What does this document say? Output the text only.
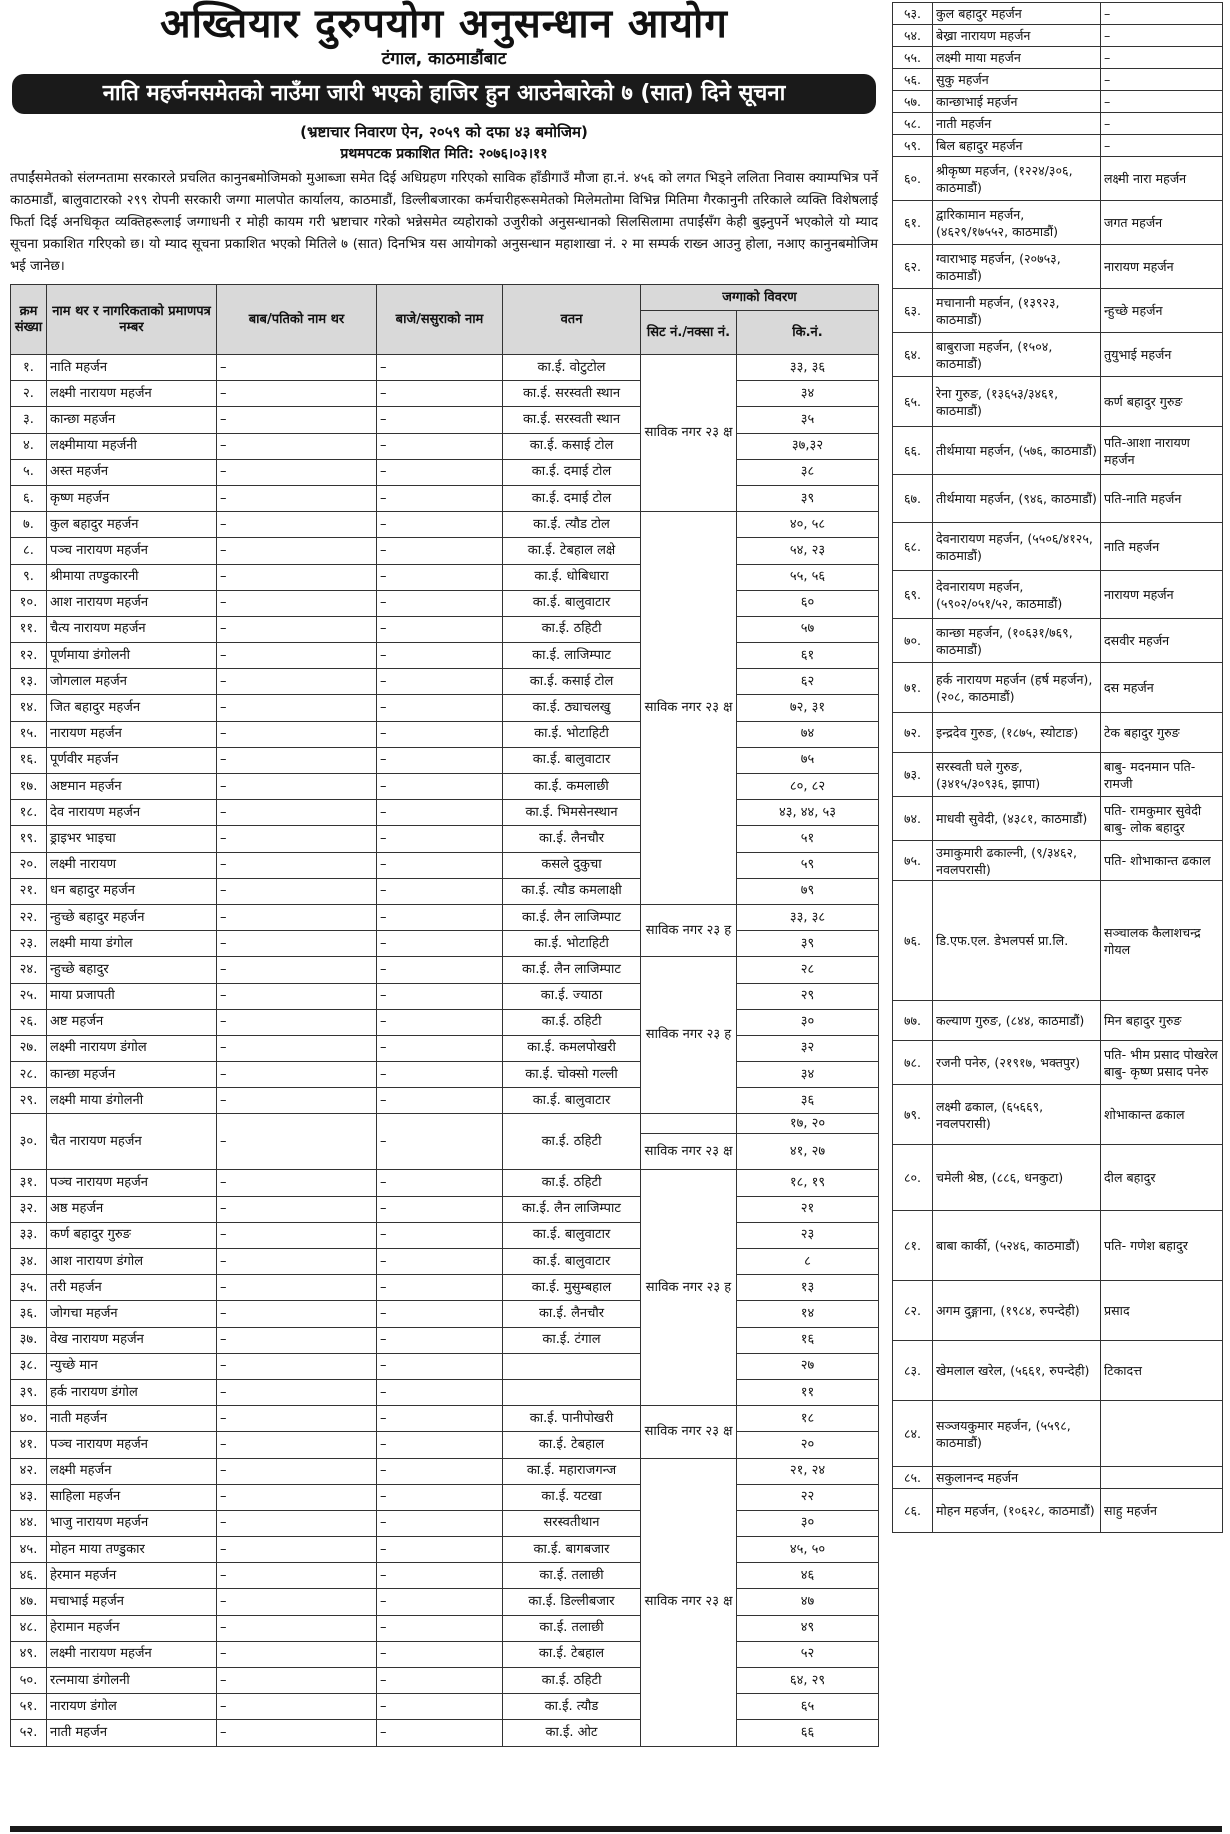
अख्तियार दुरुपयोग अनुसन्धान आयोग
टंगाल, काठमाडौंबाट
नाति महर्जनसमेतको नाउँमा जारी भएको हाजिर हुन आउनेबारेको ७ (सात) दिने सूचना
(भ्रष्टाचार निवारण ऐन, २०५९ को दफा ४३ बमोजिम)
प्रथमपटक प्रकाशित मिति: २०७६।०३।११
तपाईंसमेतको संलग्नतामा सरकारले प्रचलित कानुनबमोजिमको मुआब्जा समेत दिई अधिग्रहण गरिएको साविक हाँडीगाउँ मौजा हा.नं. ४५६ को लगत भिड्ने ललिता निवास क्याम्पभित्र पर्ने काठमाडौं, बालुवाटारको २९९ रोपनी सरकारी जग्गा मालपोत कार्यालय, काठमाडौं, डिल्लीबजारका कर्मचारीहरूसमेतको मिलेमतोमा विभिन्न मितिमा गैरकानुनी तरिकाले व्यक्ति विशेषलाई फिर्ता दिई अनधिकृत व्यक्तिहरूलाई जग्गाधनी र मोही कायम गरी भ्रष्टाचार गरेको भन्नेसमेत व्यहोराको उजुरीको अनुसन्धानको सिलसिलामा तपाईंसँग केही बुझ्नुपर्ने भएकोले यो म्याद सूचना प्रकाशित गरिएको छ। यो म्याद सूचना प्रकाशित भएको मितिले ७ (सात) दिनभित्र यस आयोगको अनुसन्धान महाशाखा नं. २ मा सम्पर्क राख्न आउनु होला, नआए कानुनबमोजिम भई जानेछ।
क्रम संख्या	नाम थर र नागरिकताको प्रमाणपत्र नम्बर	बाब/पतिको नाम थर	बाजे/ससुराको नाम	वतन	जग्गाको विवरण	
					सिट नं./नक्सा नं.	कि.नं.
१.	नाति महर्जन	–	–	का.ई. वोटुटोल	साविक नगर २३ क्ष	३३, ३६
२.	लक्ष्मी नारायण महर्जन	–	–	का.ई. सरस्वती स्थान		३४
३.	कान्छा महर्जन	–	–	का.ई. सरस्वती स्थान		३५
४.	लक्ष्मीमाया महर्जनी	–	–	का.ई. कसाई टोल		३७,३२
५.	अस्त महर्जन	–	–	का.ई. दमाई टोल		३८
६.	कृष्ण महर्जन	–	–	का.ई. दमाई टोल		३९
७.	कुल बहादुर महर्जन	–	–	का.ई. त्यौड टोल	साविक नगर २३ क्ष	४०, ५८
८.	पञ्च नारायण महर्जन	–	–	का.ई. टेबहाल लक्षे		५४, २३
९.	श्रीमाया तण्डुकारनी	–	–	का.ई. धोबिधारा		५५, ५६
१०.	आश नारायण महर्जन	–	–	का.ई. बालुवाटार		६०
११.	चैत्य नारायण महर्जन	–	–	का.ई. ठहिटी		५७
१२.	पूर्णमाया डंगोलनी	–	–	का.ई. लाजिम्पाट		६१
१३.	जोगलाल महर्जन	–	–	का.ई. कसाई टोल		६२
१४.	जित बहादुर महर्जन	–	–	का.ई. ठ्याचलखु		७२, ३१
१५.	नारायण महर्जन	–	–	का.ई. भोटाहिटी		७४
१६.	पूर्णवीर महर्जन	–	–	का.ई. बालुवाटार		७५
१७.	अष्टमान महर्जन	–	–	का.ई. कमलाछी		८०, ८२
१८.	देव नारायण महर्जन	–	–	का.ई. भिमसेनस्थान		४३, ४४, ५३
१९.	ड्राइभर भाइचा	–	–	का.ई. लैनचौर		५१
२०.	लक्ष्मी नारायण	–	–	कसले दुकुचा		५९
२१.	धन बहादुर महर्जन	–	–	का.ई. त्यौड कमलाक्षी		७९
२२.	न्हुच्छे बहादुर महर्जन	–	–	का.ई. लैन लाजिम्पाट	साविक नगर २३ ह	३३, ३८
२३.	लक्ष्मी माया डंगोल	–	–	का.ई. भोटाहिटी		३९
२४.	न्हुच्छे बहादुर	–	–	का.ई. लैन लाजिम्पाट	साविक नगर २३ ह	२८
२५.	माया प्रजापती	–	–	का.ई. ज्याठा		२९
२६.	अष्ट महर्जन	–	–	का.ई. ठहिटी		३०
२७.	लक्ष्मी नारायण डंगोल	–	–	का.ई. कमलपोखरी		३२
२८.	कान्छा महर्जन	–	–	का.ई. चोक्सो गल्ली		३४
२९.	लक्ष्मी माया डंगोलनी	–	–	का.ई. बालुवाटार		३६
३०.	चैत नारायण महर्जन	–	–	का.ई. ठहिटी		१७, २०
					साविक नगर २३ क्ष	४१, २७
३१.	पञ्च नारायण महर्जन	–	–	का.ई. ठहिटी	साविक नगर २३ ह	१८, १९
३२.	अष्ठ महर्जन	–	–	का.ई. लैन लाजिम्पाट		२१
३३.	कर्ण बहादुर गुरुङ	–	–	का.ई. बालुवाटार		२३
३४.	आश नारायण डंगोल	–	–	का.ई. बालुवाटार		८
३५.	तरी महर्जन	–	–	का.ई. मुसुम्बहाल		१३
३६.	जोगचा महर्जन	–	–	का.ई. लैनचौर		१४
३७.	वेख नारायण महर्जन	–	–	का.ई. टंगाल		१६
३८.	न्युच्छे मान	–	–			२७
३९.	हर्क नारायण डंगोल	–	–			११
४०.	नाती महर्जन	–	–	का.ई. पानीपोखरी	साविक नगर २३ क्ष	१८
४१.	पञ्च नारायण महर्जन	–	–	का.ई. टेबहाल		२०
४२.	लक्ष्मी महर्जन	–	–	का.ई. महाराजगन्ज	साविक नगर २३ क्ष	२१, २४
४३.	साहिला महर्जन	–	–	का.ई. यटखा		२२
४४.	भाजु नारायण महर्जन	–	–	सरस्वतीथान		३०
४५.	मोहन माया तण्डुकार	–	–	का.ई. बागबजार		४५, ५०
४६.	हेरमान महर्जन	–	–	का.ई. तलाछी		४६
४७.	मचाभाई महर्जन	–	–	का.ई. डिल्लीबजार		४७
४८.	हेरामान महर्जन	–	–	का.ई. तलाछी		४९
४९.	लक्ष्मी नारायण महर्जन	–	–	का.ई. टेबहाल		५२
५०.	रत्नमाया डंगोलनी	–	–	का.ई. ठहिटी		६४, २९
५१.	नारायण डंगोल	–	–	का.ई. त्यौड		६५
५२.	नाती महर्जन	–	–	का.ई. ओट		६६
५३.	कुल बहादुर महर्जन	–
५४.	बेख्रा नारायण महर्जन	–
५५.	लक्ष्मी माया महर्जन	–
५६.	सुकु महर्जन	–
५७.	कान्छाभाई महर्जन	–
५८.	नाती महर्जन	–
५९.	बिल बहादुर महर्जन	–
६०.	श्रीकृष्ण महर्जन, (१२२४/३०६, काठमाडौं)	लक्ष्मी नारा महर्जन
६१.	द्वारिकामान महर्जन, (४६२९/१७५५२, काठमाडौं)	जगत महर्जन
६२.	ग्वाराभाइ महर्जन, (२०७५३, काठमाडौं)	नारायण महर्जन
६३.	मचानानी महर्जन, (१३९२३, काठमाडौं)	न्हुच्छे महर्जन
६४.	बाबुराजा महर्जन, (१५०४, काठमाडौं)	तुयुभाई महर्जन
६५.	रेना गुरुङ, (१३६५३/३४६१, काठमाडौं)	कर्ण बहादुर गुरुङ
६६.	तीर्थमाया महर्जन, (५७६, काठमाडौं)	पति-आशा नारायण महर्जन
६७.	तीर्थमाया महर्जन, (९४६, काठमाडौं)	पति-नाति महर्जन
६८.	देवनारायण महर्जन, (५५०६/४१२५, काठमाडौं)	नाति महर्जन
६९.	देवनारायण महर्जन, (५९०२/०५१/५२, काठमाडौं)	नारायण महर्जन
७०.	कान्छा महर्जन, (१०६३१/७६९, काठमाडौं)	दसवीर महर्जन
७१.	हर्क नारायण महर्जन (हर्ष महर्जन), (२०८, काठमाडौं)	दस महर्जन
७२.	इन्द्रदेव गुरुङ, (१८७५, स्योटाङ)	टेक बहादुर गुरुङ
७३.	सरस्वती घले गुरुङ, (३४१५/३०९३६, झापा)	बाबु- मदनमान पति-रामजी
७४.	माधवी सुवेदी, (४३८१, काठमाडौं)	पति- रामकुमार सुवेदी बाबु- लोक बहादुर
७५.	उमाकुमारी ढकाल्नी, (९/३४६२, नवलपरासी)	पति- शोभाकान्त ढकाल
७६.	डि.एफ.एल. डेभलपर्स प्रा.लि.	सञ्चालक कैलाशचन्द्र गोयल
७७.	कल्याण गुरुङ, (८४४, काठमाडौं)	मिन बहादुर गुरुङ
७८.	रजनी पनेरु, (२१९१७, भक्तपुर)	पति- भीम प्रसाद पोखरेल बाबु- कृष्ण प्रसाद पनेरु
७९.	लक्ष्मी ढकाल, (६५६६९, नवलपरासी)	शोभाकान्त ढकाल
८०.	चमेली श्रेष्ठ, (८८६, धनकुटा)	दील बहादुर
८१.	बाबा कार्की, (५२४६, काठमाडौं)	पति- गणेश बहादुर
८२.	अगम दुङ्गाना, (१९८४, रुपन्देही)	प्रसाद
८३.	खेमलाल खरेल, (५६६१, रुपन्देही)	टिकादत्त
८४.	सञ्जयकुमार महर्जन, (५५९८, काठमाडौं)	
८५.	सकुलानन्द महर्जन	
८६.	मोहन महर्जन, (१०६२८, काठमाडौं)	साहु महर्जन
